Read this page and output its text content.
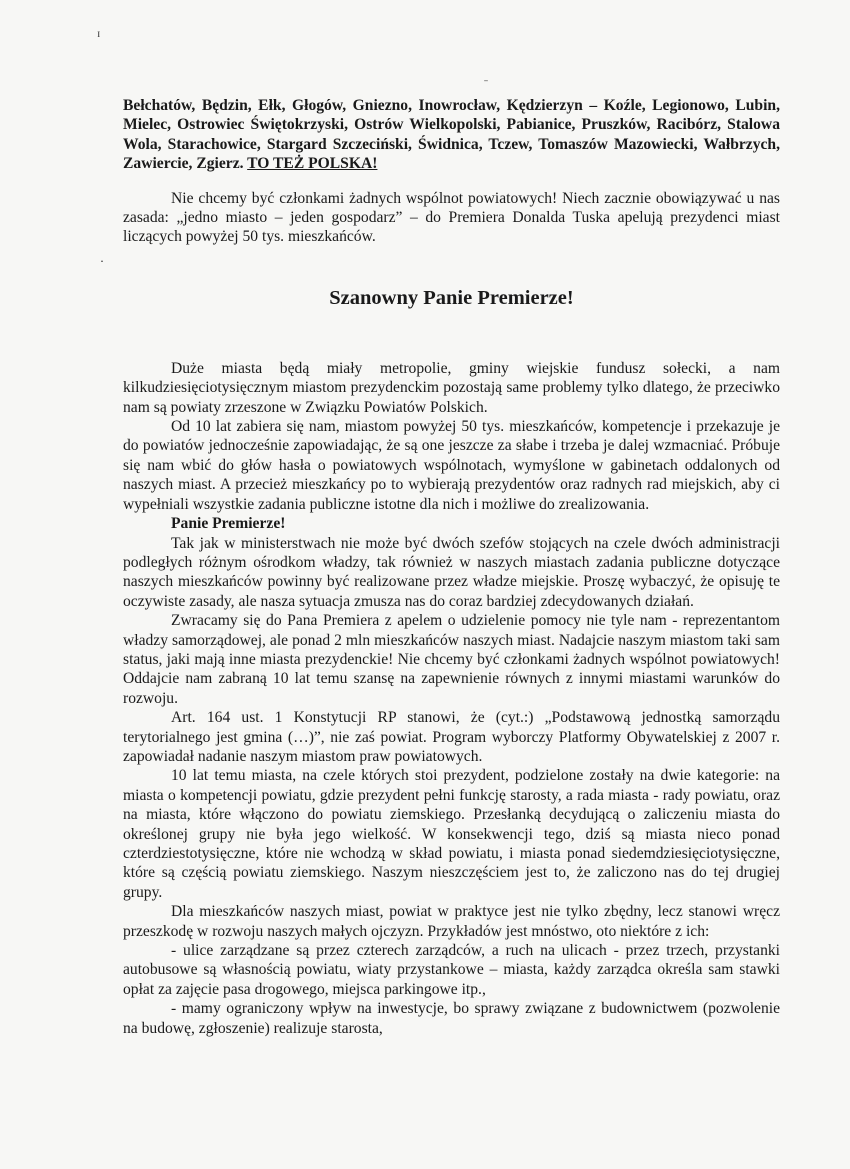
ɪ
˗
˖

Bełchatów, Będzin, Ełk, Głogów, Gniezno, Inowrocław, Kędzierzyn – Koźle, Legionowo, Lubin, Mielec, Ostrowiec Świętokrzyski, Ostrów Wielkopolski, Pabianice, Pruszków, Racibórz, Stalowa Wola, Starachowice, Stargard Szczeciński, Świdnica, Tczew, Tomaszów Mazowiecki, Wałbrzych, Zawiercie, Zgierz. TO TEŻ POLSKA!

Nie chcemy być członkami żadnych wspólnot powiatowych! Niech zacznie obowiązywać u nas zasada: „jedno miasto – jeden gospodarz” – do Premiera Donalda Tuska apelują prezydenci miast liczących powyżej 50 tys. mieszkańców.

Szanowny Panie Premierze!

Duże miasta będą miały metropolie, gminy wiejskie fundusz sołecki, a nam kilkudziesięciotysięcznym miastom prezydenckim pozostają same problemy tylko dlatego, że przeciwko nam są powiaty zrzeszone w Związku Powiatów Polskich.

Od 10 lat zabiera się nam, miastom powyżej 50 tys. mieszkańców, kompetencje i przekazuje je do powiatów jednocześnie zapowiadając, że są one jeszcze za słabe i trzeba je dalej wzmacniać. Próbuje się nam wbić do głów hasła o powiatowych wspólnotach, wymyślone w gabinetach oddalonych od naszych miast. A przecież mieszkańcy po to wybierają prezydentów oraz radnych rad miejskich, aby ci wypełniali wszystkie zadania publiczne istotne dla nich i możliwe do zrealizowania.

Panie Premierze!

Tak jak w ministerstwach nie może być dwóch szefów stojących na czele dwóch administracji podległych różnym ośrodkom władzy, tak również w naszych miastach zadania publiczne dotyczące naszych mieszkańców powinny być realizowane przez władze miejskie. Proszę wybaczyć, że opisuję te oczywiste zasady, ale nasza sytuacja zmusza nas do coraz bardziej zdecydowanych działań.

Zwracamy się do Pana Premiera z apelem o udzielenie pomocy nie tyle nam - reprezentantom władzy samorządowej, ale ponad 2 mln mieszkańców naszych miast. Nadajcie naszym miastom taki sam status, jaki mają inne miasta prezydenckie! Nie chcemy być członkami żadnych wspólnot powiatowych! Oddajcie nam zabraną 10 lat temu szansę na zapewnienie równych z innymi miastami warunków do rozwoju.

Art. 164 ust. 1 Konstytucji RP stanowi, że (cyt.:) „Podstawową jednostką samorządu terytorialnego jest gmina (…)”, nie zaś powiat. Program wyborczy Platformy Obywatelskiej z 2007 r. zapowiadał nadanie naszym miastom praw powiatowych.

10 lat temu miasta, na czele których stoi prezydent, podzielone zostały na dwie kategorie: na miasta o kompetencji powiatu, gdzie prezydent pełni funkcję starosty, a rada miasta - rady powiatu, oraz na miasta, które włączono do powiatu ziemskiego. Przesłanką decydującą o zaliczeniu miasta do określonej grupy nie była jego wielkość. W konsekwencji tego, dziś są miasta nieco ponad czterdziestotysięczne, które nie wchodzą w skład powiatu, i miasta ponad siedemdziesięciotysięczne, które są częścią powiatu ziemskiego. Naszym nieszczęściem jest to, że zaliczono nas do tej drugiej grupy.

Dla mieszkańców naszych miast, powiat w praktyce jest nie tylko zbędny, lecz stanowi wręcz przeszkodę w rozwoju naszych małych ojczyzn. Przykładów jest mnóstwo, oto niektóre z ich:

- ulice zarządzane są przez czterech zarządców, a ruch na ulicach - przez trzech, przystanki autobusowe są własnością powiatu, wiaty przystankowe – miasta, każdy zarządca określa sam stawki opłat za zajęcie pasa drogowego, miejsca parkingowe itp.,

- mamy ograniczony wpływ na inwestycje, bo sprawy związane z budownictwem (pozwolenie na budowę, zgłoszenie) realizuje starosta,
